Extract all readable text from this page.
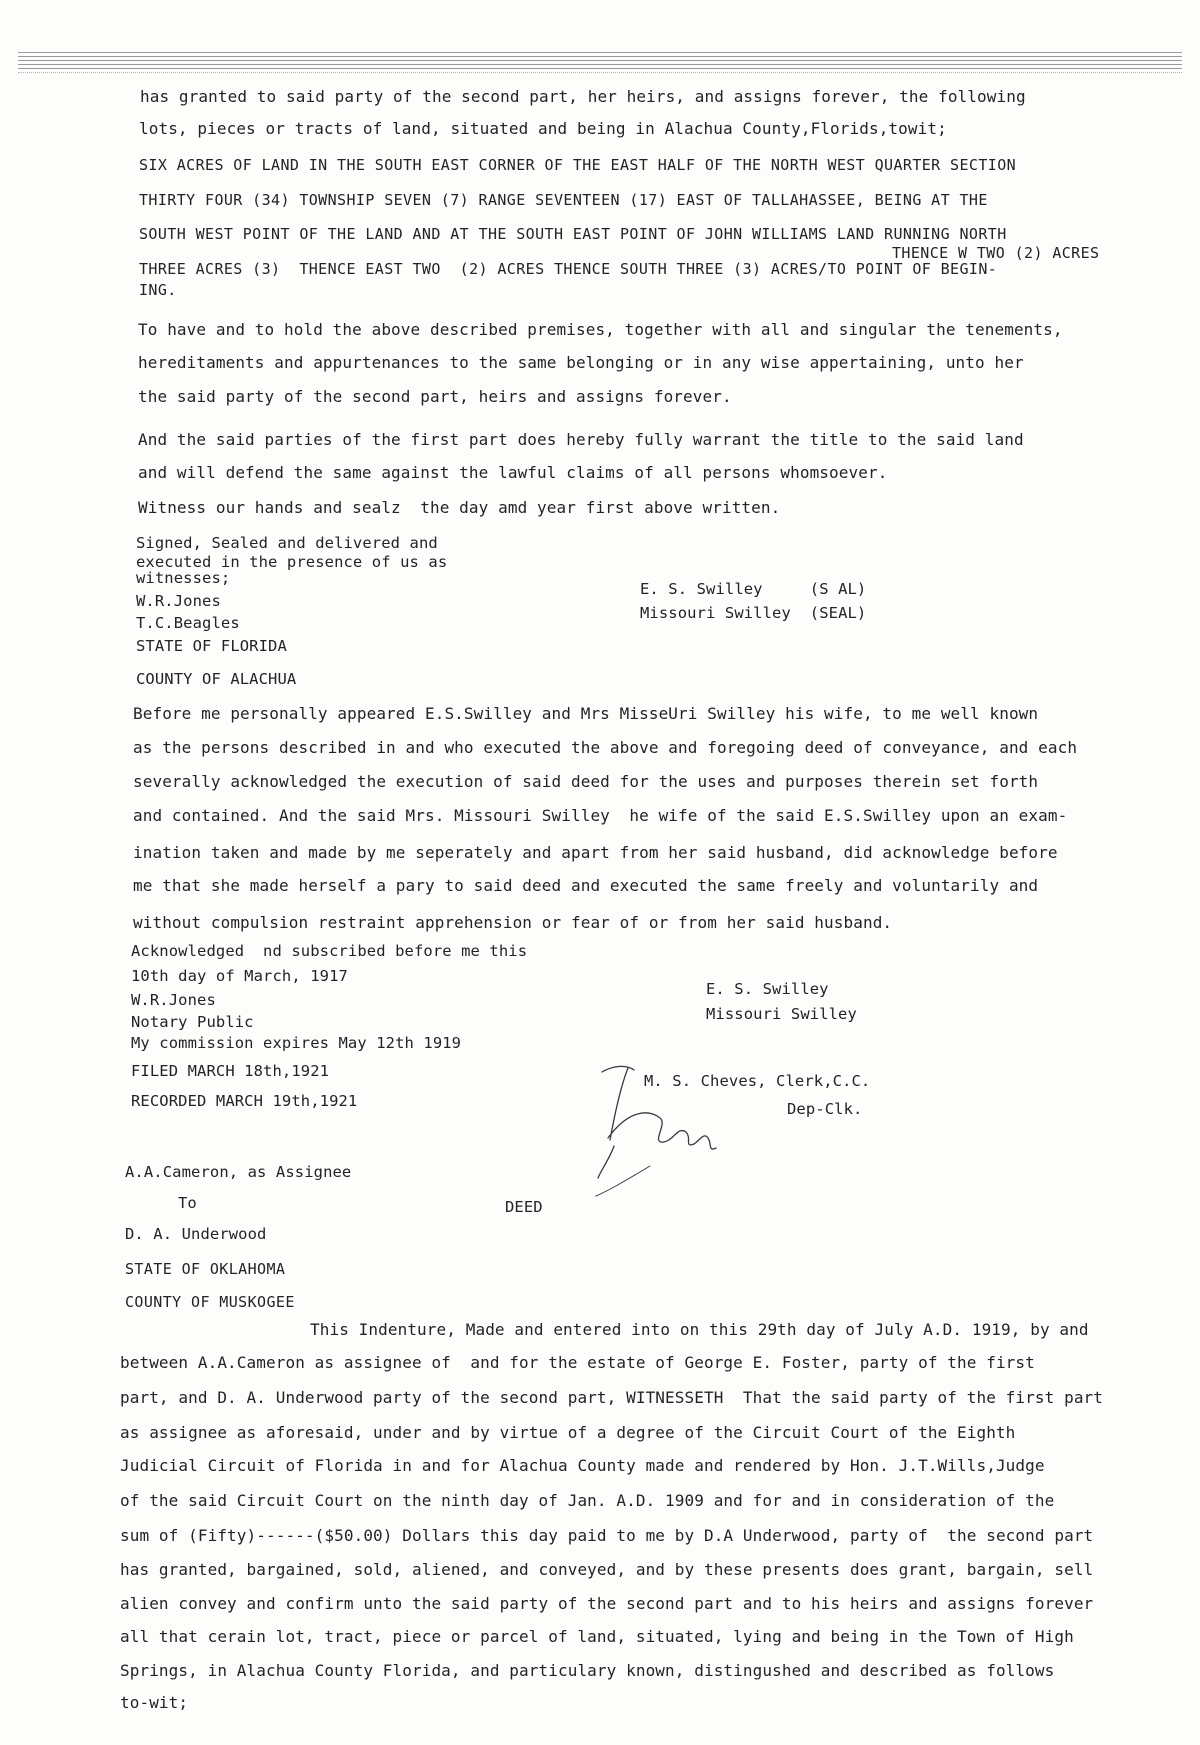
has granted to said party of the second part, her heirs, and assigns forever, the following
lots, pieces or tracts of land, situated and being in Alachua County,Florids,towit;
SIX ACRES OF LAND IN THE SOUTH EAST CORNER OF THE EAST HALF OF THE NORTH WEST QUARTER SECTION
THIRTY FOUR (34) TOWNSHIP SEVEN (7) RANGE SEVENTEEN (17) EAST OF TALLAHASSEE, BEING AT THE
SOUTH WEST POINT OF THE LAND AND AT THE SOUTH EAST POINT OF JOHN WILLIAMS LAND RUNNING NORTH
THENCE W TWO (2) ACRES
THREE ACRES (3)  THENCE EAST TWO  (2) ACRES THENCE SOUTH THREE (3) ACRES/TO POINT OF BEGIN-
ING.
To have and to hold the above described premises, together with all and singular the tenements,
hereditaments and appurtenances to the same belonging or in any wise appertaining, unto her
the said party of the second part, heirs and assigns forever.
And the said parties of the first part does hereby fully warrant the title to the said land
and will defend the same against the lawful claims of all persons whomsoever.
Witness our hands and sealz  the day amd year first above written.
Signed, Sealed and delivered and
executed in the presence of us as
witnesses;
W.R.Jones
T.C.Beagles
STATE OF FLORIDA
COUNTY OF ALACHUA
E. S. Swilley     (S AL)
Missouri Swilley  (SEAL)
Before me personally appeared E.S.Swilley and Mrs MisseUri Swilley his wife, to me well known
as the persons described in and who executed the above and foregoing deed of conveyance, and each
severally acknowledged the execution of said deed for the uses and purposes therein set forth
and contained. And the said Mrs. Missouri Swilley  he wife of the said E.S.Swilley upon an exam-
ination taken and made by me seperately and apart from her said husband, did acknowledge before
me that she made herself a pary to said deed and executed the same freely and voluntarily and
without compulsion restraint apprehension or fear of or from her said husband.
Acknowledged  nd subscribed before me this
10th day of March, 1917
W.R.Jones
Notary Public
My commission expires May 12th 1919
FILED MARCH 18th,1921
RECORDED MARCH 19th,1921
E. S. Swilley
Missouri Swilley
M. S. Cheves, Clerk,C.C.
Dep-Clk.
A.A.Cameron, as Assignee
To	DEED
D. A. Underwood
STATE OF OKLAHOMA
COUNTY OF MUSKOGEE
This Indenture, Made and entered into on this 29th day of July A.D. 1919, by and
between A.A.Cameron as assignee of  and for the estate of George E. Foster, party of the first
part, and D. A. Underwood party of the second part, WITNESSETH  That the said party of the first part
as assignee as aforesaid, under and by virtue of a degree of the Circuit Court of the Eighth
Judicial Circuit of Florida in and for Alachua County made and rendered by Hon. J.T.Wills,Judge
of the said Circuit Court on the ninth day of Jan. A.D. 1909 and for and in consideration of the
sum of (Fifty)------($50.00) Dollars this day paid to me by D.A Underwood, party of  the second part
has granted, bargained, sold, aliened, and conveyed, and by these presents does grant, bargain, sell
alien convey and confirm unto the said party of the second part and to his heirs and assigns forever
all that cerain lot, tract, piece or parcel of land, situated, lying and being in the Town of High
Springs, in Alachua County Florida, and particulary known, distingushed and described as follows
to-wit;
